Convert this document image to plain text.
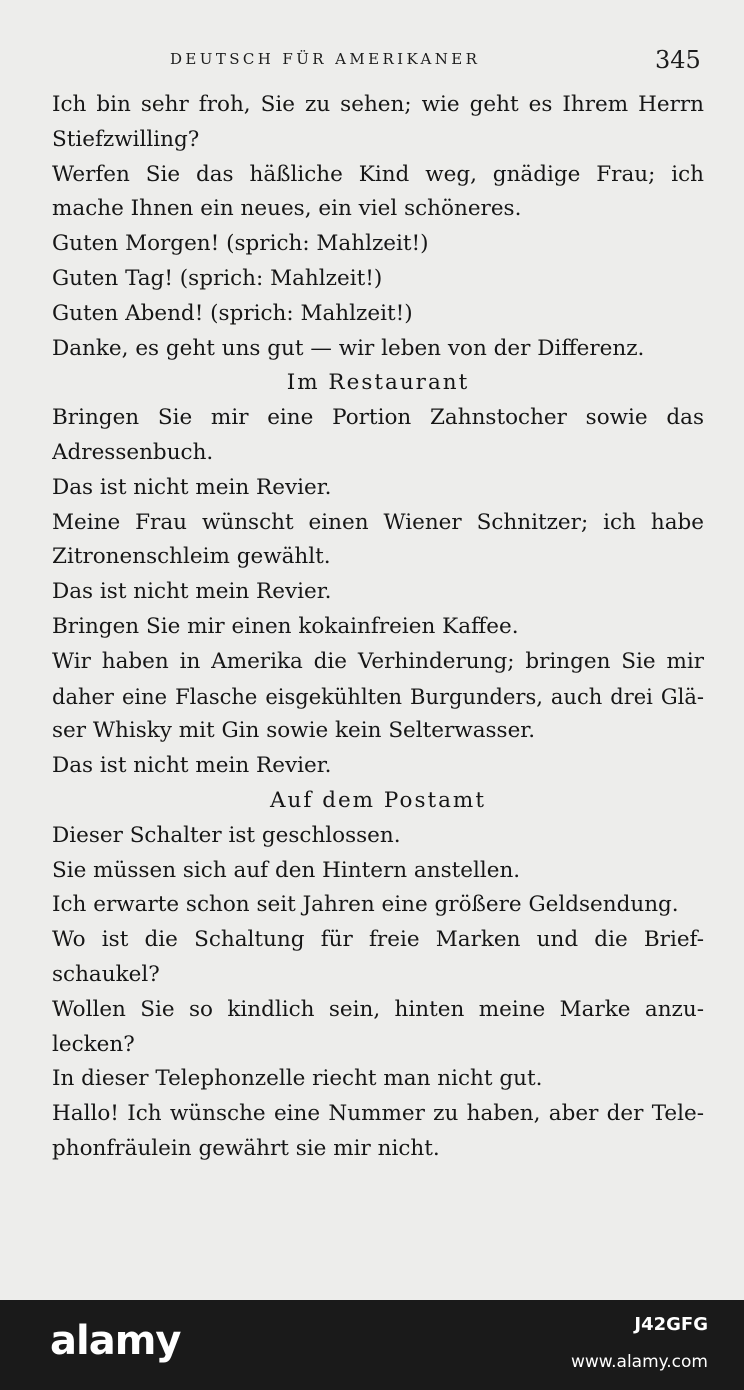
DEUTSCH FÜR AMERIKANER	345
Ich bin sehr froh, Sie zu sehen; wie geht es Ihrem Herrn
Stiefzwilling?
Werfen Sie das häßliche Kind weg, gnädige Frau; ich
mache Ihnen ein neues, ein viel schöneres.
Guten Morgen! (sprich: Mahlzeit!)
Guten Tag! (sprich: Mahlzeit!)
Guten Abend! (sprich: Mahlzeit!)
Danke, es geht uns gut — wir leben von der Differenz.
Im Restaurant
Bringen Sie mir eine Portion Zahnstocher sowie das
Adressenbuch.
Das ist nicht mein Revier.
Meine Frau wünscht einen Wiener Schnitzer; ich habe
Zitronenschleim gewählt.
Das ist nicht mein Revier.
Bringen Sie mir einen kokainfreien Kaffee.
Wir haben in Amerika die Verhinderung; bringen Sie mir
daher eine Flasche eisgekühlten Burgunders, auch drei Glä-
ser Whisky mit Gin sowie kein Selterwasser.
Das ist nicht mein Revier.
Auf dem Postamt
Dieser Schalter ist geschlossen.
Sie müssen sich auf den Hintern anstellen.
Ich erwarte schon seit Jahren eine größere Geldsendung.
Wo ist die Schaltung für freie Marken und die Brief-
schaukel?
Wollen Sie so kindlich sein, hinten meine Marke anzu-
lecken?
In dieser Telephonzelle riecht man nicht gut.
Hallo! Ich wünsche eine Nummer zu haben, aber der Tele-
phonfräulein gewährt sie mir nicht.
alamy	J42GFG
www.alamy.com
